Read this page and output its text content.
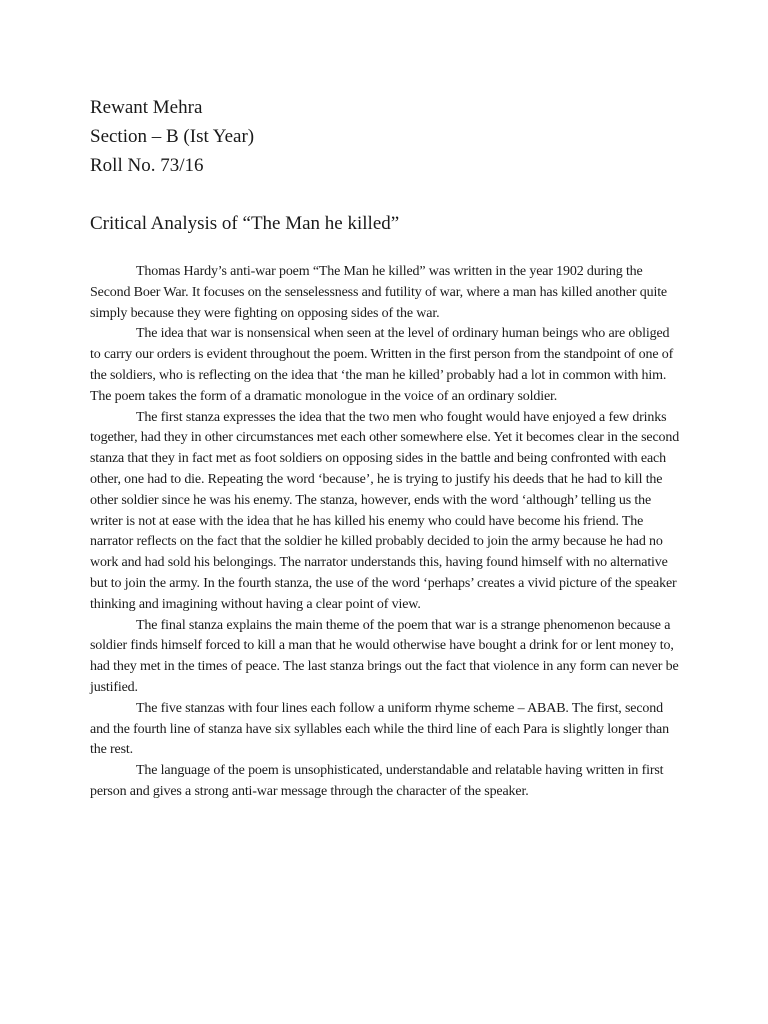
Rewant Mehra
Section – B (Ist Year)
Roll No. 73/16
Critical Analysis of “The Man he killed”

Thomas Hardy’s anti-war poem “The Man he killed” was written in the year 1902 during the Second Boer War. It focuses on the senselessness and futility of war, where a man has killed another quite simply because they were fighting on opposing sides of the war.

The idea that war is nonsensical when seen at the level of ordinary human beings who are obliged to carry our orders is evident throughout the poem. Written in the first person from the standpoint of one of the soldiers, who is reflecting on the idea that ‘the man he killed’ probably had a lot in common with him. The poem takes the form of a dramatic monologue in the voice of an ordinary soldier.

The first stanza expresses the idea that the two men who fought would have enjoyed a few drinks together, had they in other circumstances met each other somewhere else. Yet it becomes clear in the second stanza that they in fact met as foot soldiers on opposing sides in the battle and being confronted with each other, one had to die. Repeating the word ‘because’, he is trying to justify his deeds that he had to kill the other soldier since he was his enemy. The stanza, however, ends with the word ‘although’ telling us the writer is not at ease with the idea that he has killed his enemy who could have become his friend. The narrator reflects on the fact that the soldier he killed probably decided to join the army because he had no work and had sold his belongings. The narrator understands this, having found himself with no alternative but to join the army. In the fourth stanza, the use of the word ‘perhaps’ creates a vivid picture of the speaker thinking and imagining without having a clear point of view.

The final stanza explains the main theme of the poem that war is a strange phenomenon because a soldier finds himself forced to kill a man that he would otherwise have bought a drink for or lent money to, had they met in the times of peace. The last stanza brings out the fact that violence in any form can never be justified.

The five stanzas with four lines each follow a uniform rhyme scheme – ABAB. The first, second and the fourth line of stanza have six syllables each while the third line of each Para is slightly longer than the rest.

The language of the poem is unsophisticated, understandable and relatable having written in first person and gives a strong anti-war message through the character of the speaker.
